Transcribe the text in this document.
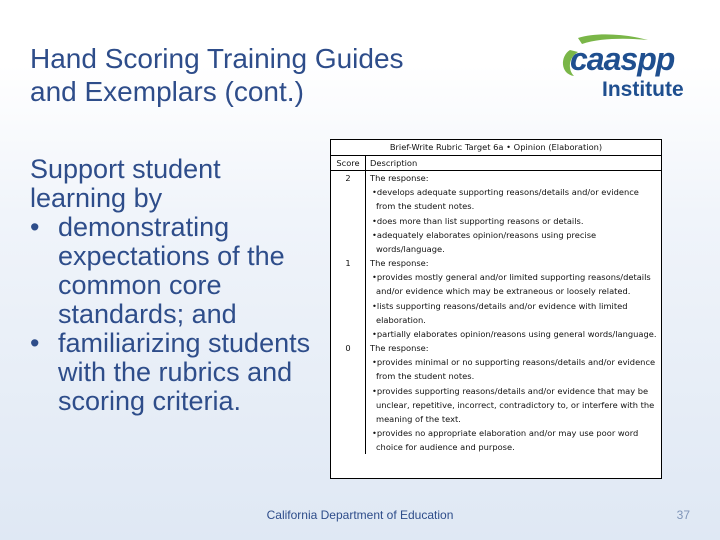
Hand Scoring Training Guides
and Exemplars (cont.)
caaspp
Institute
Support student
learning by
• demonstrating expectations of the common core standards; and
• familiarizing students with the rubrics and scoring criteria.
Brief-Write Rubric Target 6a • Opinion (Elaboration)	
Score	Description
2	The response:
•develops adequate supporting reasons/details and/or evidence from the student notes.
•does more than list supporting reasons or details.
•adequately elaborates opinion/reasons using precise words/language.

1	The response:
•provides mostly general and/or limited supporting reasons/details and/or evidence which may be extraneous or loosely related.
•lists supporting reasons/details and/or evidence with limited elaboration.
•partially elaborates opinion/reasons using general words/language.

0	The response:
•provides minimal or no supporting reasons/details and/or evidence from the student notes.
•provides supporting reasons/details and/or evidence that may be unclear, repetitive, incorrect, contradictory to, or interfere with the meaning of the text.
•provides no appropriate elaboration and/or may use poor word choice for audience and purpose.
California Department of Education	37
